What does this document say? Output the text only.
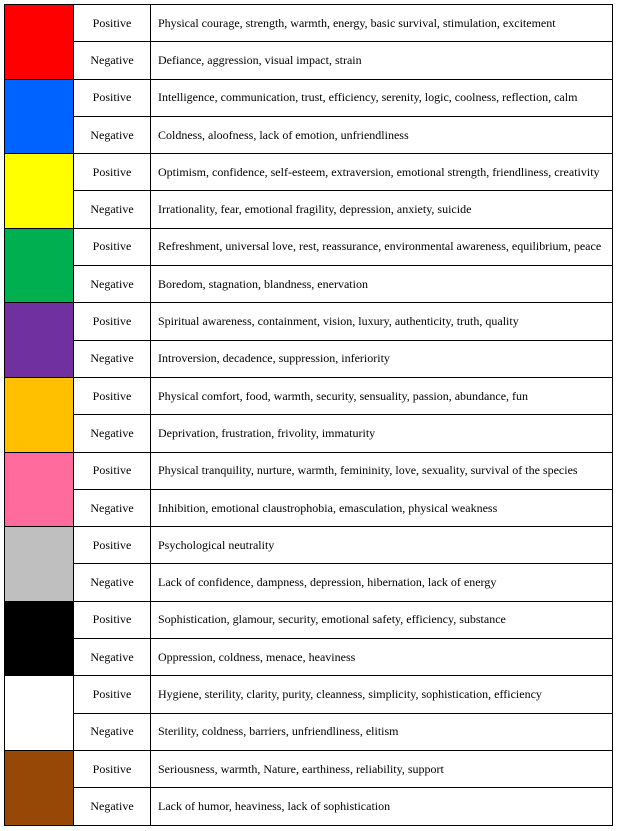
	Positive	Physical courage, strength, warmth, energy, basic survival, stimulation, excitement
	Negative	Defiance, aggression, visual impact, strain
	Positive	Intelligence, communication, trust, efficiency, serenity, logic, coolness, reflection, calm
	Negative	Coldness, aloofness, lack of emotion, unfriendliness
	Positive	Optimism, confidence, self-esteem, extraversion, emotional strength, friendliness, creativity
	Negative	Irrationality, fear, emotional fragility, depression, anxiety, suicide
	Positive	Refreshment, universal love, rest, reassurance, environmental awareness, equilibrium, peace
	Negative	Boredom, stagnation, blandness, enervation
	Positive	Spiritual awareness, containment, vision, luxury, authenticity, truth, quality
	Negative	Introversion, decadence, suppression, inferiority
	Positive	Physical comfort, food, warmth, security, sensuality, passion, abundance, fun
	Negative	Deprivation, frustration, frivolity, immaturity
	Positive	Physical tranquility, nurture, warmth, femininity, love, sexuality, survival of the species
	Negative	Inhibition, emotional claustrophobia, emasculation, physical weakness
	Positive	Psychological neutrality
	Negative	Lack of confidence, dampness, depression, hibernation, lack of energy
	Positive	Sophistication, glamour, security, emotional safety, efficiency, substance
	Negative	Oppression, coldness, menace, heaviness
	Positive	Hygiene, sterility, clarity, purity, cleanness, simplicity, sophistication, efficiency
	Negative	Sterility, coldness, barriers, unfriendliness, elitism
	Positive	Seriousness, warmth, Nature, earthiness, reliability, support
	Negative	Lack of humor, heaviness, lack of sophistication
